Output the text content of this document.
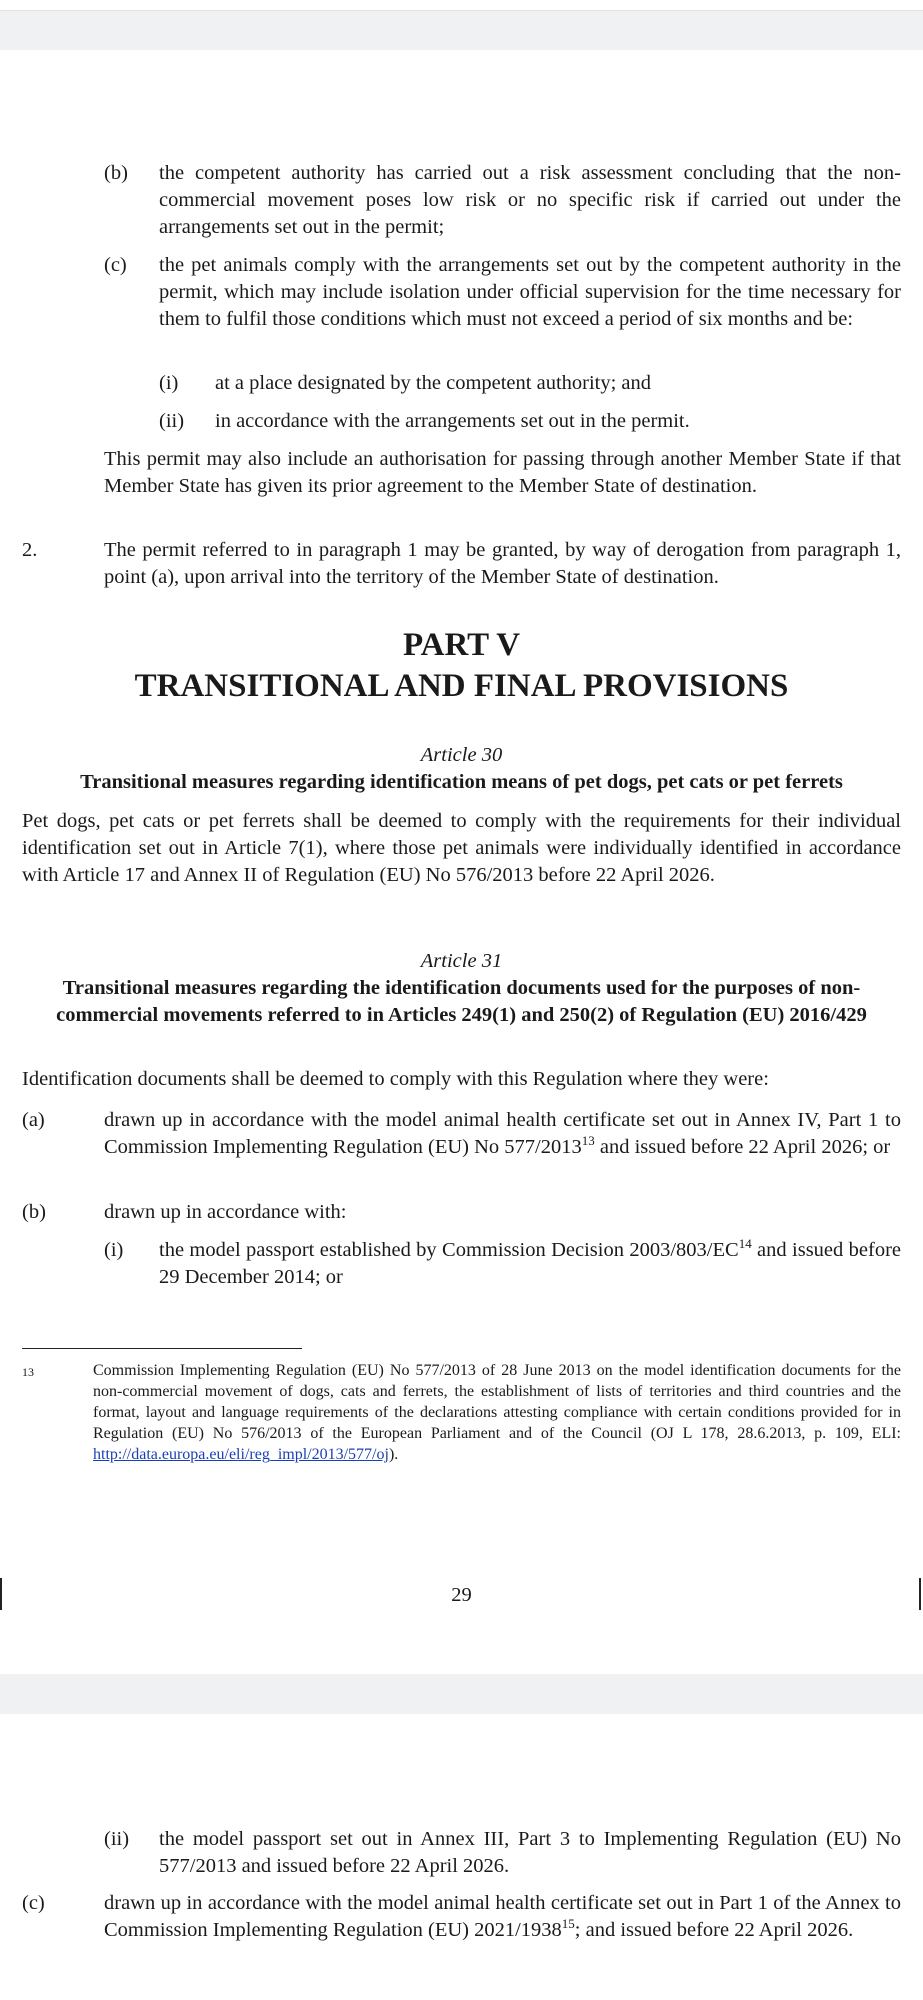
(b) the competent authority has carried out a risk assessment concluding that the non-commercial movement poses low risk or no specific risk if carried out under the arrangements set out in the permit;
(c) the pet animals comply with the arrangements set out by the competent authority in the permit, which may include isolation under official supervision for the time necessary for them to fulfil those conditions which must not exceed a period of six months and be:
(i) at a place designated by the competent authority; and
(ii) in accordance with the arrangements set out in the permit.
This permit may also include an authorisation for passing through another Member State if that Member State has given its prior agreement to the Member State of destination.
2.	The permit referred to in paragraph 1 may be granted, by way of derogation from paragraph 1, point (a), upon arrival into the territory of the Member State of destination.
PART V
TRANSITIONAL AND FINAL PROVISIONS
Article 30
Transitional measures regarding identification means of pet dogs, pet cats or pet ferrets
Pet dogs, pet cats or pet ferrets shall be deemed to comply with the requirements for their individual identification set out in Article 7(1), where those pet animals were individually identified in accordance with Article 17 and Annex II of Regulation (EU) No 576/2013 before 22 April 2026.
Article 31
Transitional measures regarding the identification documents used for the purposes of non-commercial movements referred to in Articles 249(1) and 250(2) of Regulation (EU) 2016/429
Identification documents shall be deemed to comply with this Regulation where they were:
(a)	drawn up in accordance with the model animal health certificate set out in Annex IV, Part 1 to Commission Implementing Regulation (EU) No 577/2013$^{13}$ and issued before 22 April 2026; or
(b)	drawn up in accordance with:
(i) the model passport established by Commission Decision 2003/803/EC$^{14}$ and issued before 29 December 2014; or
13	Commission Implementing Regulation (EU) No 577/2013 of 28 June 2013 on the model identification documents for the non-commercial movement of dogs, cats and ferrets, the establishment of lists of territories and third countries and the format, layout and language requirements of the declarations attesting compliance with certain conditions provided for in Regulation (EU) No 576/2013 of the European Parliament and of the Council (OJ L 178, 28.6.2013, p. 109, ELI: http://data.europa.eu/eli/reg_impl/2013/577/oj).
29
(ii) the model passport set out in Annex III, Part 3 to Implementing Regulation (EU) No 577/2013 and issued before 22 April 2026.
(c)	drawn up in accordance with the model animal health certificate set out in Part 1 of the Annex to Commission Implementing Regulation (EU) 2021/1938$^{15}$; and issued before 22 April 2026.
